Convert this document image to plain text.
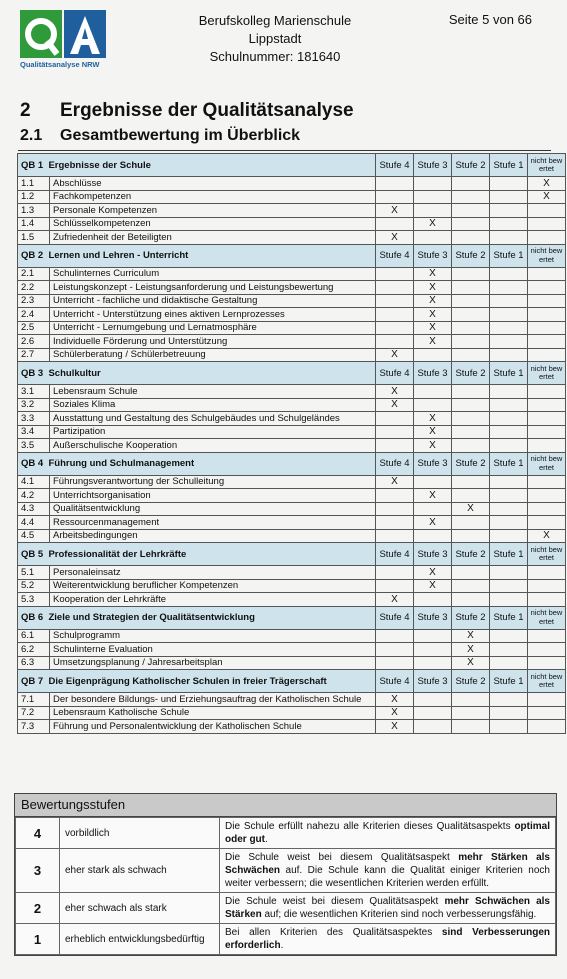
Qualitätsanalyse NRW
Berufskolleg Marienschule
Lippstadt
Schulnummer: 181640
Seite 5 von 66
2 Ergebnisse der Qualitätsanalyse
2.1 Gesamtbewertung im Überblick
QB 1 Ergebnisse der Schule		Stufe 4	Stufe 3	Stufe 2	Stufe 1	nicht bew ertet
1.1	Abschlüsse					X
1.2	Fachkompetenzen					X
1.3	Personale Kompetenzen	X				
1.4	Schlüsselkompetenzen		X			
1.5	Zufriedenheit der Beteiligten	X				
QB 2 Lernen und Lehren - Unterricht		Stufe 4	Stufe 3	Stufe 2	Stufe 1	nicht bew ertet
2.1	Schulinternes Curriculum		X			
2.2	Leistungskonzept - Leistungsanforderung und Leistungsbewertung		X			
2.3	Unterricht - fachliche und didaktische Gestaltung		X			
2.4	Unterricht - Unterstützung eines aktiven Lernprozesses		X			
2.5	Unterricht - Lernumgebung und Lernatmosphäre		X			
2.6	Individuelle Förderung und Unterstützung		X			
2.7	Schülerberatung / Schülerbetreuung	X				
QB 3 Schulkultur		Stufe 4	Stufe 3	Stufe 2	Stufe 1	nicht bew ertet
3.1	Lebensraum Schule	X				
3.2	Soziales Klima	X				
3.3	Ausstattung und Gestaltung des Schulgebäudes und Schulgeländes		X			
3.4	Partizipation		X			
3.5	Außerschulische Kooperation		X			
QB 4 Führung und Schulmanagement		Stufe 4	Stufe 3	Stufe 2	Stufe 1	nicht bew ertet
4.1	Führungsverantwortung der Schulleitung	X				
4.2	Unterrichtsorganisation		X			
4.3	Qualitätsentwicklung			X		
4.4	Ressourcenmanagement		X			
4.5	Arbeitsbedingungen					X
QB 5 Professionalität der Lehrkräfte		Stufe 4	Stufe 3	Stufe 2	Stufe 1	nicht bew ertet
5.1	Personaleinsatz		X			
5.2	Weiterentwicklung beruflicher Kompetenzen		X			
5.3	Kooperation der Lehrkräfte	X				
QB 6 Ziele und Strategien der Qualitätsentwicklung		Stufe 4	Stufe 3	Stufe 2	Stufe 1	nicht bew ertet
6.1	Schulprogramm			X		
6.2	Schulinterne Evaluation			X		
6.3	Umsetzungsplanung / Jahresarbeitsplan			X		
QB 7 Die Eigenprägung Katholischer Schulen in freier Trägerschaft		Stufe 4	Stufe 3	Stufe 2	Stufe 1	nicht bew ertet
7.1	Der besondere Bildungs- und Erziehungsauftrag der Katholischen Schule	X				
7.2	Lebensraum Katholische Schule	X				
7.3	Führung und Personalentwicklung der Katholischen Schule	X				
Bewertungsstufen
4	vorbildlich	Die Schule erfüllt nahezu alle Kriterien dieses Qualitätsaspekts optimal oder gut.
3	eher stark als schwach	Die Schule weist bei diesem Qualitätsaspekt mehr Stärken als Schwächen auf. Die Schule kann die Qualität einiger Kriterien noch weiter verbessern; die wesentlichen Kriterien werden erfüllt.
2	eher schwach als stark	Die Schule weist bei diesem Qualitätsaspekt mehr Schwächen als Stärken auf; die wesentlichen Kriterien sind noch verbesserungsfähig.
1	erheblich entwicklungsbedürftig	Bei allen Kriterien des Qualitätsaspektes sind Verbesserungen erforderlich.
